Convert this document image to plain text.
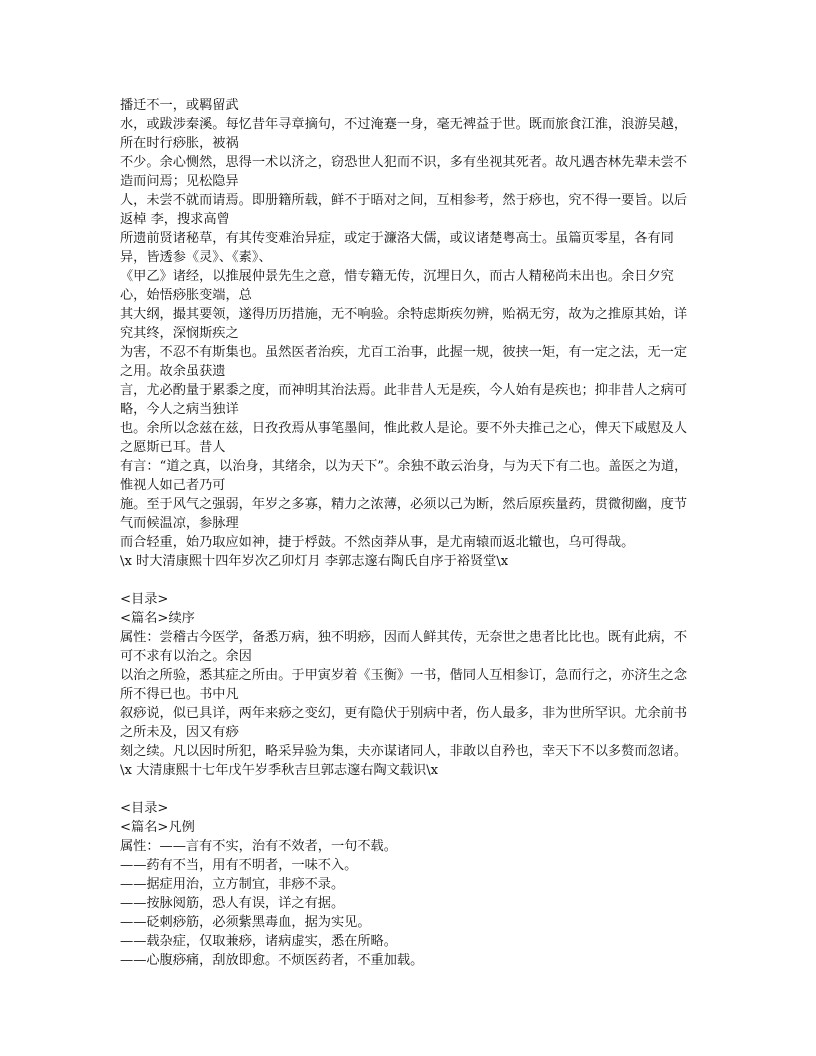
播迁不一，或羁留武
水，或跋涉秦溪。每忆昔年寻章摘句，不过淹蹇一身，毫无裨益于世。既而旅食江淮，浪游吴越，所在时行痧胀，被祸
不少。余心恻然，思得一术以济之，窃恐世人犯而不识，多有坐视其死者。故凡遇杏林先辈未尝不造而问焉；见松隐异
人，未尝不就而请焉。即册籍所载，鲜不于晤对之间，互相参考，然于痧也，究不得一要旨。以后返棹 李，搜求高曾
所遗前贤诸秘草，有其传变难治异症，或定于濂洛大儒，或议诸楚粤高士。虽篇页零星，各有同异，皆透参《灵》、《素》、
《甲乙》诸经，以推展仲景先生之意，惜专籍无传，沉埋日久，而古人精秘尚未出也。余日夕究心，始悟痧胀变端，总
其大纲，撮其要领，遂得历历措施，无不响验。余特虑斯疾勿辨，贻祸无穷，故为之推原其始，详究其终，深悯斯疾之
为害，不忍不有斯集也。虽然医者治疾，尤百工治事，此握一规，彼挟一矩，有一定之法，无一定之用。故余虽获遗
言，尤必酌量于累黍之度，而神明其治法焉。此非昔人无是疾，今人始有是疾也；抑非昔人之病可略，今人之病当独详
也。余所以念兹在兹，日孜孜焉从事笔墨间，惟此救人是论。要不外夫推己之心，俾天下咸慰及人之愿斯已耳。昔人
有言：“道之真，以治身，其绪余，以为天下”。余独不敢云治身，与为天下有二也。盖医之为道，惟视人如己者乃可
施。至于风气之强弱，年岁之多寡，精力之浓薄，必须以己为断，然后原疾量药，贯微彻幽，度节气而候温凉，参脉理
而合轻重，始乃取应如神，捷于桴鼓。不然卤莽从事，是尤南辕而返北辙也，乌可得哉。
\x 时大清康熙十四年岁次乙卯灯月 李郭志邃右陶氏自序于裕贤堂\x
<目录>
<篇名>续序
属性：尝稽古今医学，备悉万病，独不明痧，因而人鲜其传，无奈世之患者比比也。既有此病，不可不求有以治之。余因
以治之所验，悉其症之所由。于甲寅岁着《玉衡》一书，偕同人互相参订，急而行之，亦济生之念所不得已也。书中凡
叙痧说，似已具详，两年来痧之变幻，更有隐伏于别病中者，伤人最多，非为世所罕识。尤余前书之所未及，因又有痧
刻之续。凡以因时所犯，略采异验为集，夫亦谋诸同人，非敢以自矜也，幸天下不以多赘而忽诸。
\x 大清康熙十七年戊午岁季秋吉旦郭志邃右陶文载识\x
<目录>
<篇名>凡例
属性：——言有不实，治有不效者，一句不载。
——药有不当，用有不明者，一味不入。
——据症用治，立方制宜，非痧不录。
——按脉阅筋，恐人有误，详之有据。
——砭刺痧筋，必须紫黑毒血，据为实见。
——载杂症，仅取兼痧，诸病虚实，悉在所略。
——心腹痧痛，刮放即愈。不烦医药者，不重加载。
